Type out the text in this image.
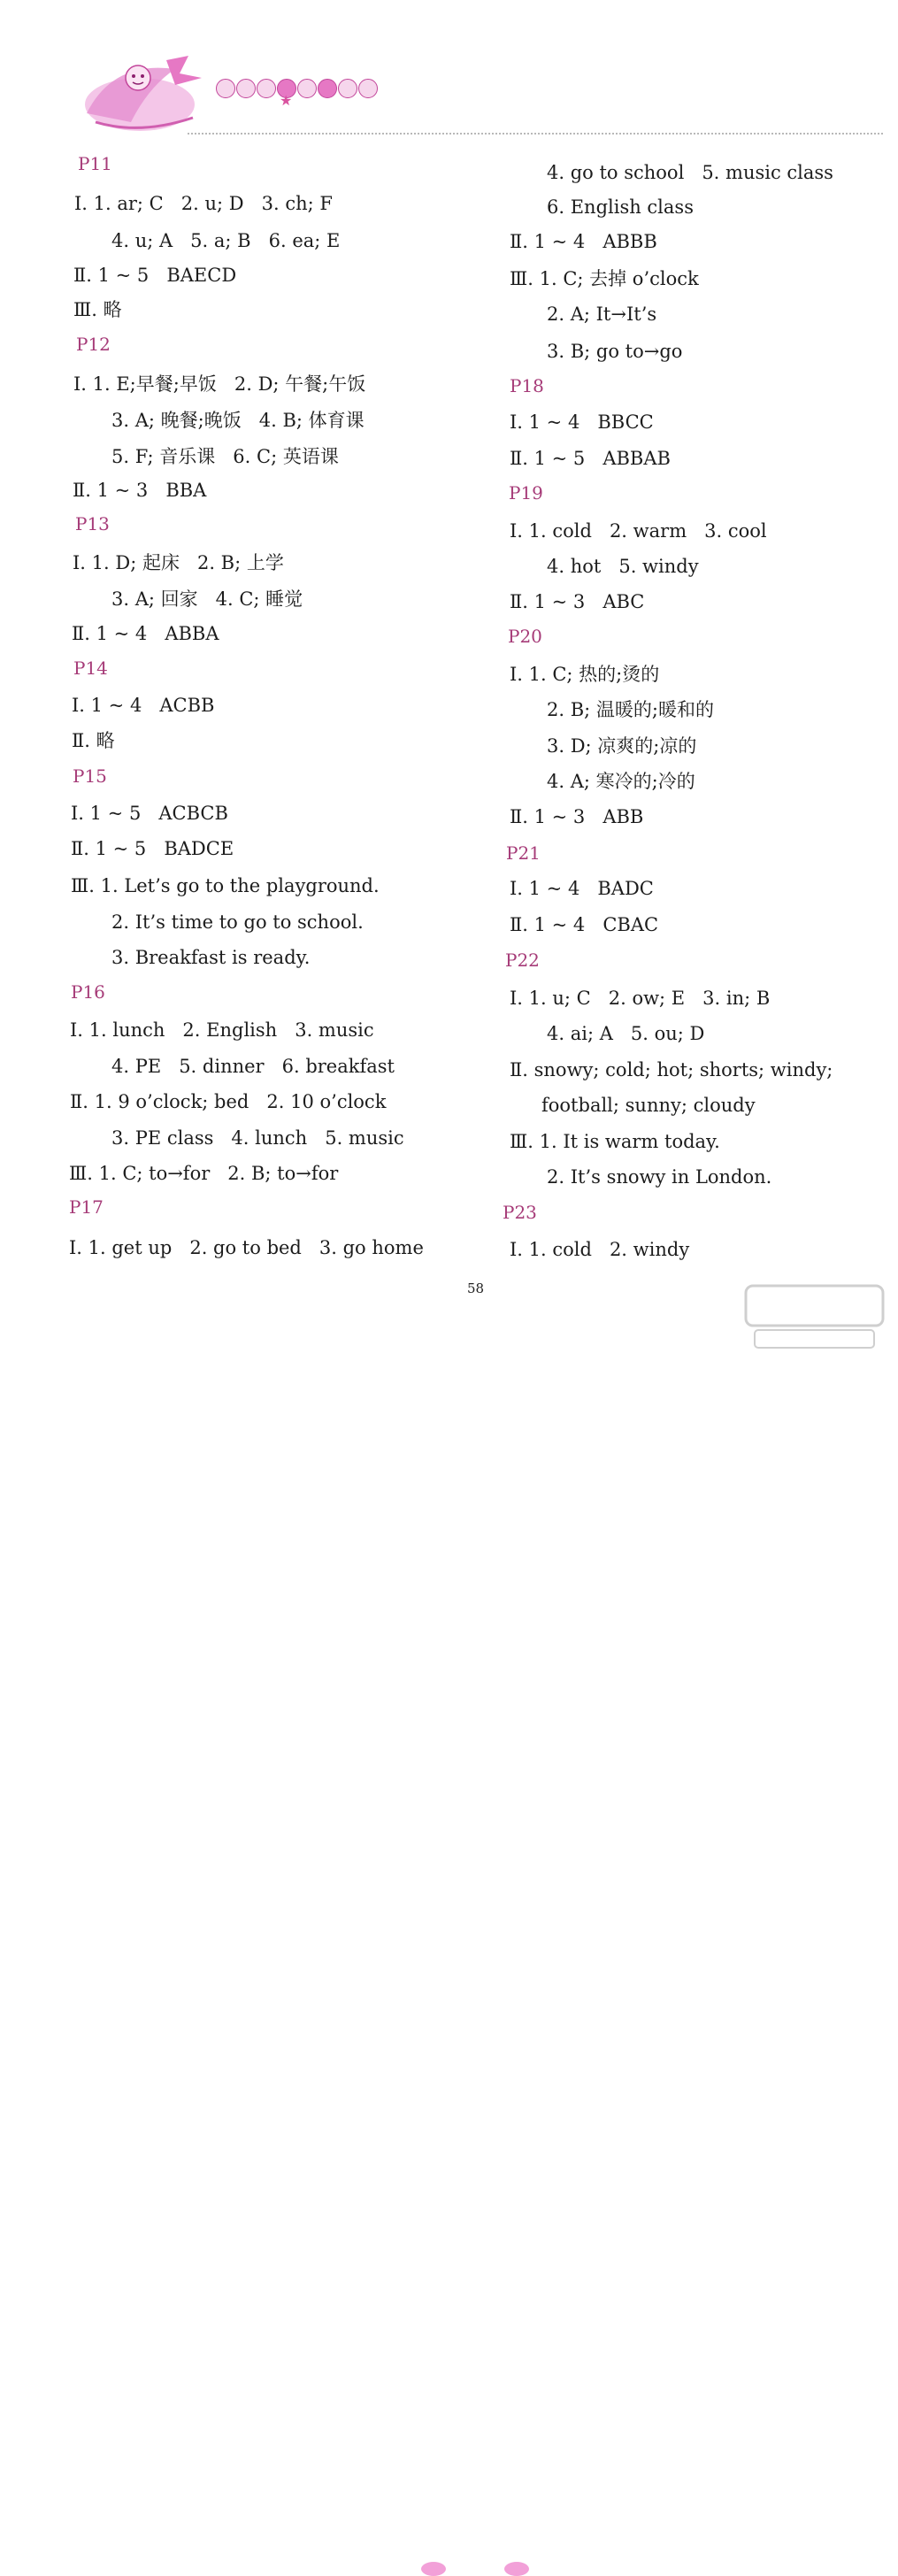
★
P11
Ⅰ. 1. ar; C   2. u; D   3. ch; F
4. u; A   5. a; B   6. ea; E
Ⅱ. 1 ~ 5   BAECD
Ⅲ. 略
P12
Ⅰ. 1. E;早餐;早饭   2. D; 午餐;午饭
3. A; 晚餐;晚饭   4. B; 体育课
5. F; 音乐课   6. C; 英语课
Ⅱ. 1 ~ 3   BBA
P13
Ⅰ. 1. D; 起床   2. B; 上学
3. A; 回家   4. C; 睡觉
Ⅱ. 1 ~ 4   ABBA
P14
Ⅰ. 1 ~ 4   ACBB
Ⅱ. 略
P15
Ⅰ. 1 ~ 5   ACBCB
Ⅱ. 1 ~ 5   BADCE
Ⅲ. 1. Let’s go to the playground.
2. It’s time to go to school.
3. Breakfast is ready.
P16
Ⅰ. 1. lunch   2. English   3. music
4. PE   5. dinner   6. breakfast
Ⅱ. 1. 9 o’clock; bed   2. 10 o’clock
3. PE class   4. lunch   5. music
Ⅲ. 1. C; to→for   2. B; to→for
P17
Ⅰ. 1. get up   2. go to bed   3. go home
4. go to school   5. music class
6. English class
Ⅱ. 1 ~ 4   ABBB
Ⅲ. 1. C; 去掉 o’clock
2. A; It→It’s
3. B; go to→go
P18
Ⅰ. 1 ~ 4   BBCC
Ⅱ. 1 ~ 5   ABBAB
P19
Ⅰ. 1. cold   2. warm   3. cool
4. hot   5. windy
Ⅱ. 1 ~ 3   ABC
P20
Ⅰ. 1. C; 热的;烫的
2. B; 温暖的;暖和的
3. D; 凉爽的;凉的
4. A; 寒冷的;冷的
Ⅱ. 1 ~ 3   ABB
P21
Ⅰ. 1 ~ 4   BADC
Ⅱ. 1 ~ 4   CBAC
P22
Ⅰ. 1. u; C   2. ow; E   3. in; B
4. ai; A   5. ou; D
Ⅱ. snowy; cold; hot; shorts; windy;
football; sunny; cloudy
Ⅲ. 1. It is warm today.
2. It’s snowy in London.
P23
Ⅰ. 1. cold   2. windy
58
